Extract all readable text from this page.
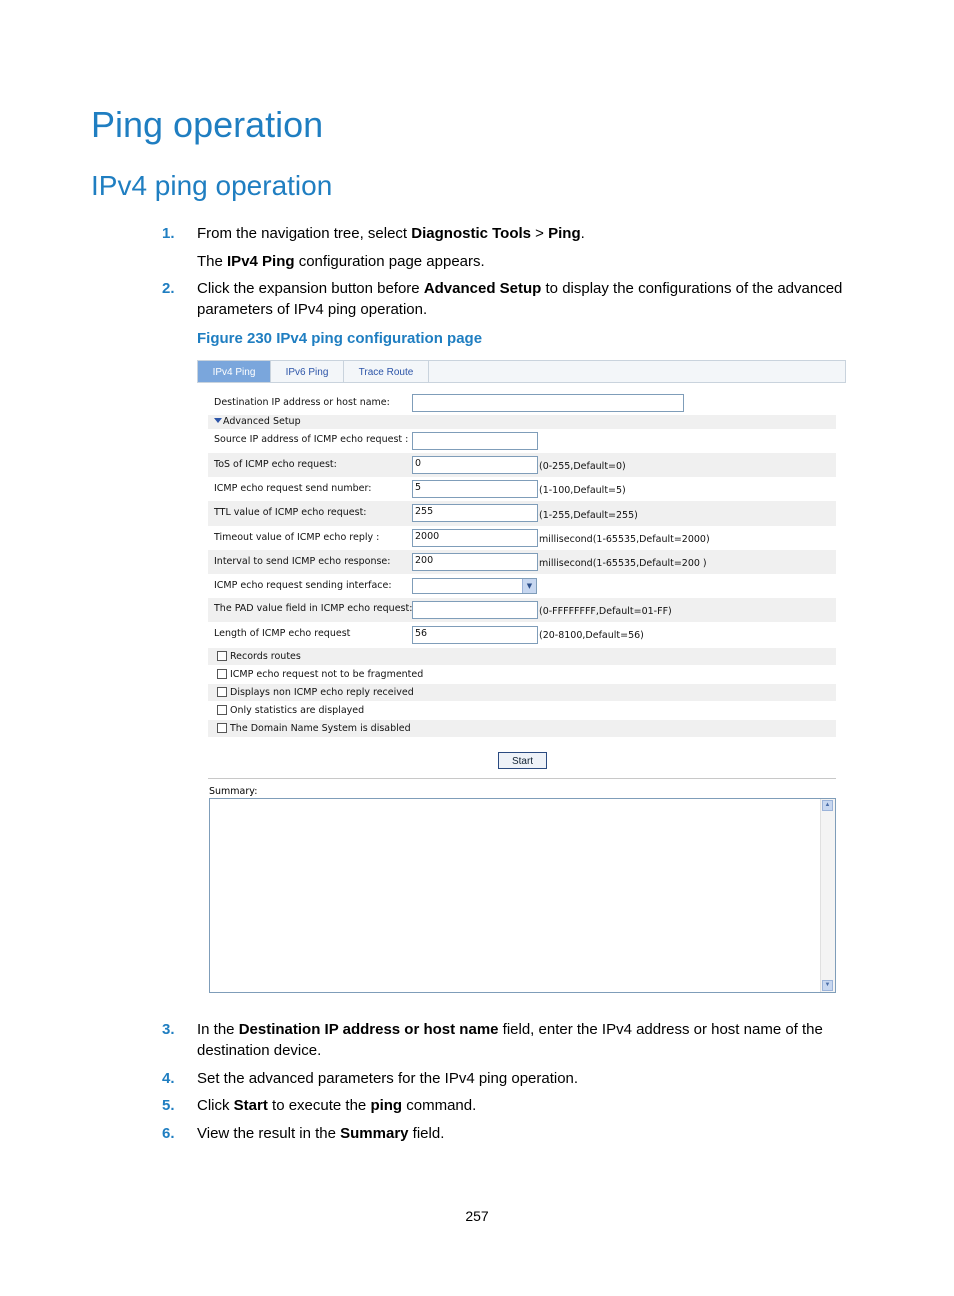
Ping operation
IPv4 ping operation
1. From the navigation tree, select Diagnostic Tools > Ping.
The IPv4 Ping configuration page appears.
2. Click the expansion button before Advanced Setup to display the configurations of the advanced parameters of IPv4 ping operation.
Figure 230 IPv4 ping configuration page
IPv4 Ping	IPv6 Ping	Trace Route
Destination IP address or host name:
Advanced Setup
Source IP address of ICMP echo request :
ToS of ICMP echo request:	0	(0-255,Default=0)
ICMP echo request send number:	5	(1-100,Default=5)
TTL value of ICMP echo request:	255	(1-255,Default=255)
Timeout value of ICMP echo reply :	2000	millisecond(1-65535,Default=2000)
Interval to send ICMP echo response:	200	millisecond(1-65535,Default=200 )
ICMP echo request sending interface:	▼
The PAD value field in ICMP echo request:	(0-FFFFFFFF,Default=01-FF)
Length of ICMP echo request	56	(20-8100,Default=56)
Records routes
ICMP echo request not to be fragmented
Displays non ICMP echo reply received
Only statistics are displayed
The Domain Name System is disabled
Start
Summary:
▲
▼
3. In the Destination IP address or host name field, enter the IPv4 address or host name of the destination device.
4. Set the advanced parameters for the IPv4 ping operation.
5. Click Start to execute the ping command.
6. View the result in the Summary field.
257
